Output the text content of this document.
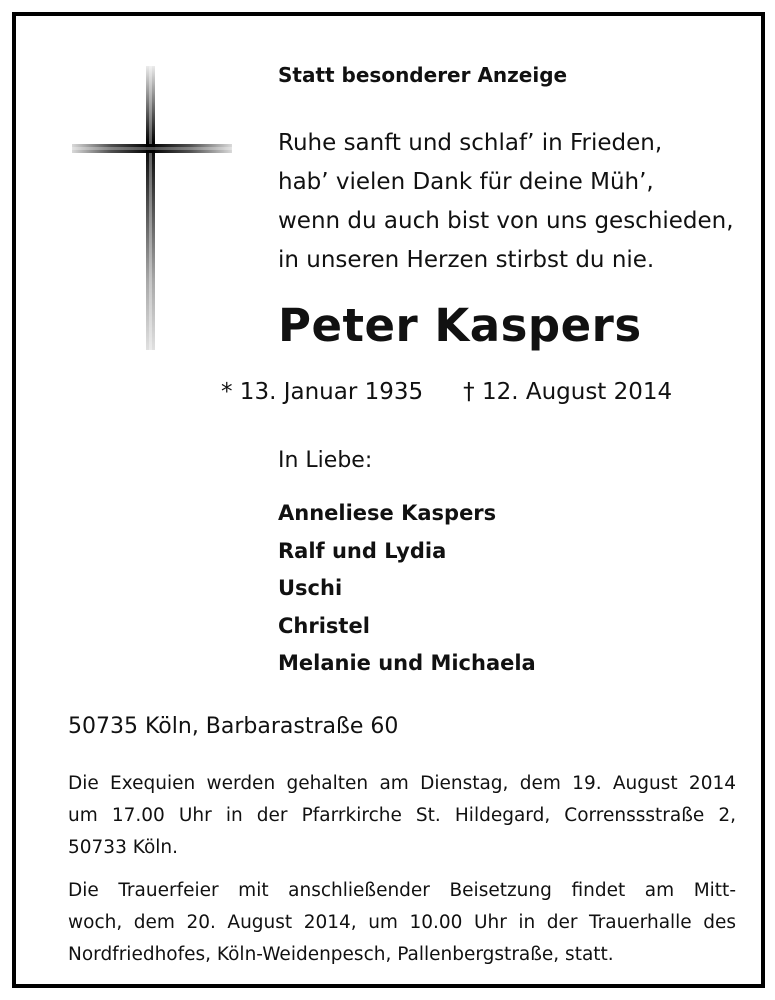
Statt besonderer Anzeige
Ruhe sanft und schlaf’ in Frieden,
hab’ vielen Dank für deine Müh’,
wenn du auch bist von uns geschieden,
in unseren Herzen stirbst du nie.
Peter Kaspers
* 13. Januar 1935 † 12. August 2014
In Liebe:
Anneliese Kaspers
Ralf und Lydia
Uschi
Christel
Melanie und Michaela
50735 Köln, Barbarastraße 60
Die Exequien werden gehalten am Dienstag, dem 19. August 2014
um 17.00 Uhr in der Pfarrkirche St. Hildegard, Correnssstraße 2,
50733 Köln.
Die Trauerfeier mit anschließender Beisetzung findet am Mitt-
woch, dem 20. August 2014, um 10.00 Uhr in der Trauerhalle des
Nordfriedhofes, Köln-Weidenpesch, Pallenbergstraße, statt.
